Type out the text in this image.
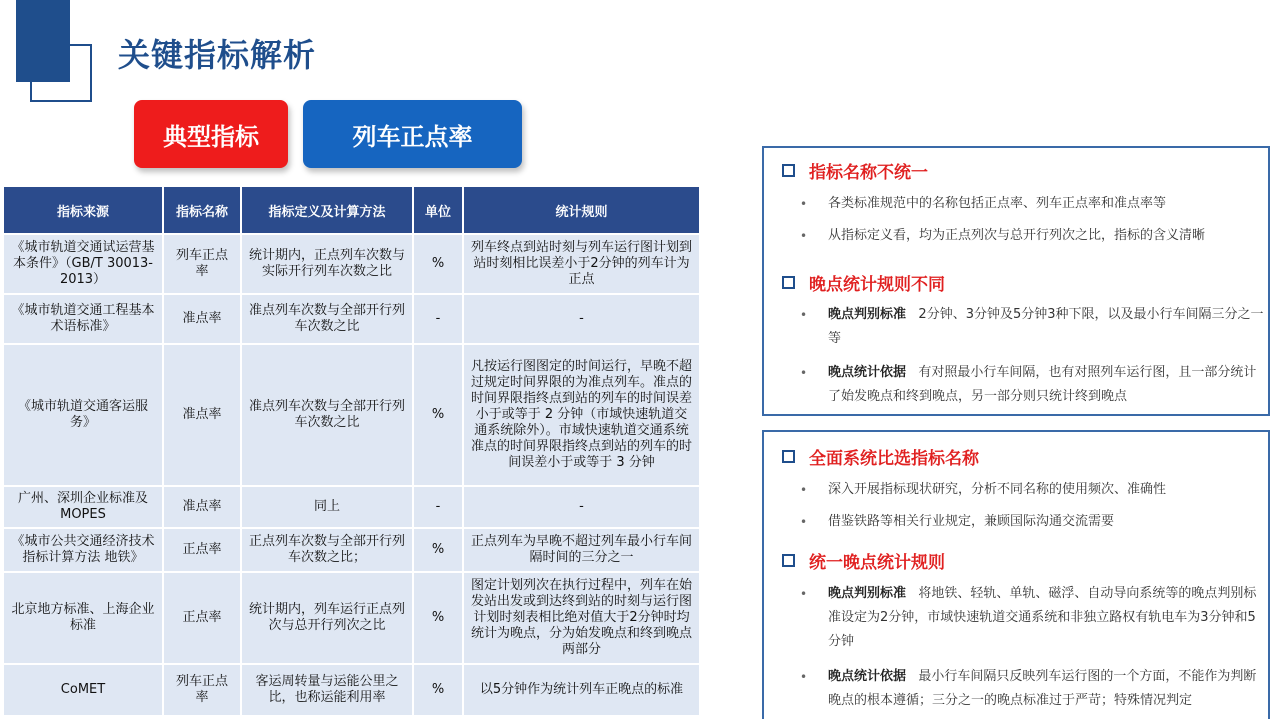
关键指标解析
典型指标	列车正点率
指标来源	指标名称	指标定义及计算方法	单位	统计规则
《城市轨道交通试运营基本条件》（GB/T 30013-2013）	列车正点率	统计期内，正点列车次数与实际开行列车次数之比	%	列车终点到站时刻与列车运行图计划到站时刻相比误差小于2分钟的列车计为正点
《城市轨道交通工程基本术语标准》	准点率	准点列车次数与全部开行列车次数之比	-	-
《城市轨道交通客运服务》	准点率	准点列车次数与全部开行列车次数之比	%	凡按运行图图定的时间运行，早晚不超过规定时间界限的为准点列车。准点的时间界限指终点到站的列车的时间误差小于或等于 2 分钟（市域快速轨道交通系统除外）。市域快速轨道交通系统准点的时间界限指终点到站的列车的时间误差小于或等于 3 分钟
广州、深圳企业标准及MOPES	准点率	同上	-	-
《城市公共交通经济技术指标计算方法 地铁》	正点率	正点列车次数与全部开行列车次数之比；	%	正点列车为早晚不超过列车最小行车间隔时间的三分之一
北京地方标准、上海企业标准	正点率	统计期内，列车运行正点列次与总开行列次之比	%	图定计划列次在执行过程中，列车在始发站出发或到达终到站的时刻与运行图计划时刻表相比绝对值大于2分钟时均统计为晚点，分为始发晚点和终到晚点两部分
CoMET	列车正点率	客运周转量与运能公里之比，也称运能利用率	%	以5分钟作为统计列车正晚点的标准
指标名称不统一
•	各类标准规范中的名称包括正点率、列车正点率和准点率等
•	从指标定义看，均为正点列次与总开行列次之比，指标的含义清晰
晚点统计规则不同
•	晚点判别标准 2分钟、3分钟及5分钟3种下限，以及最小行车间隔三分之一等
•	晚点统计依据 有对照最小行车间隔，也有对照列车运行图，且一部分统计了始发晚点和终到晚点，另一部分则只统计终到晚点
全面系统比选指标名称
•	深入开展指标现状研究，分析不同名称的使用频次、准确性
•	借鉴铁路等相关行业规定，兼顾国际沟通交流需要
统一晚点统计规则
•	晚点判别标准 将地铁、轻轨、单轨、磁浮、自动导向系统等的晚点判别标准设定为2分钟，市域快速轨道交通系统和非独立路权有轨电车为3分钟和5分钟
•	晚点统计依据 最小行车间隔只反映列车运行图的一个方面，不能作为判断晚点的根本遵循；三分之一的晚点标准过于严苛；特殊情况判定
